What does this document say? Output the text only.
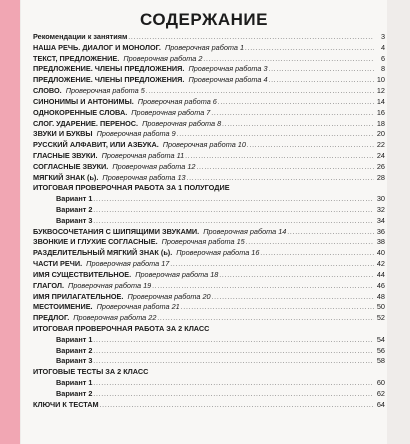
СОДЕРЖАНИЕ
Рекомендации к занятиям .....	3
НАША РЕЧЬ. ДИАЛОГ И МОНОЛОГ. Проверочная работа 1 .....	4
ТЕКСТ, ПРЕДЛОЖЕНИЕ. Проверочная работа 2 .....	6
ПРЕДЛОЖЕНИЕ. ЧЛЕНЫ ПРЕДЛОЖЕНИЯ. Проверочная работа 3 .....	8
ПРЕДЛОЖЕНИЕ. ЧЛЕНЫ ПРЕДЛОЖЕНИЯ. Проверочная работа 4 .....	10
СЛОВО. Проверочная работа 5 .....	12
СИНОНИМЫ И АНТОНИМЫ. Проверочная работа 6 .....	14
ОДНОКОРЕННЫЕ СЛОВА. Проверочная работа 7 .....	16
СЛОГ. УДАРЕНИЕ. ПЕРЕНОС. Проверочная работа 8 .....	18
ЗВУКИ И БУКВЫ Проверочная работа 9 .....	20
РУССКИЙ АЛФАВИТ, ИЛИ АЗБУКА. Проверочная работа 10 .....	22
ГЛАСНЫЕ ЗВУКИ. Проверочная работа 11 .....	24
СОГЛАСНЫЕ ЗВУКИ. Проверочная работа 12 .....	26
МЯГКИЙ ЗНАК (ь). Проверочная работа 13 .....	28
ИТОГОВАЯ ПРОВЕРОЧНАЯ РАБОТА ЗА 1 ПОЛУГОДИЕ
Вариант 1 .....	30
Вариант 2 .....	32
Вариант 3 .....	34
БУКВОСОЧЕТАНИЯ С ШИПЯЩИМИ ЗВУКАМИ. Проверочная работа 14 .....	36
ЗВОНКИЕ И ГЛУХИЕ СОГЛАСНЫЕ. Проверочная работа 15 .....	38
РАЗДЕЛИТЕЛЬНЫЙ МЯГКИЙ ЗНАК (ь). Проверочная работа 16 .....	40
ЧАСТИ РЕЧИ. Проверочная работа 17 .....	42
ИМЯ СУЩЕСТВИТЕЛЬНОЕ. Проверочная работа 18 .....	44
ГЛАГОЛ. Проверочная работа 19 .....	46
ИМЯ ПРИЛАГАТЕЛЬНОЕ. Проверочная работа 20 .....	48
МЕСТОИМЕНИЕ. Проверочная работа 21 .....	50
ПРЕДЛОГ. Проверочная работа 22 .....	52
ИТОГОВАЯ ПРОВЕРОЧНАЯ РАБОТА ЗА 2 КЛАСС
Вариант 1 .....	54
Вариант 2 .....	56
Вариант 3 .....	58
ИТОГОВЫЕ ТЕСТЫ ЗА 2 КЛАСС
Вариант 1 .....	60
Вариант 2 .....	62
КЛЮЧИ К ТЕСТАМ .....	64
